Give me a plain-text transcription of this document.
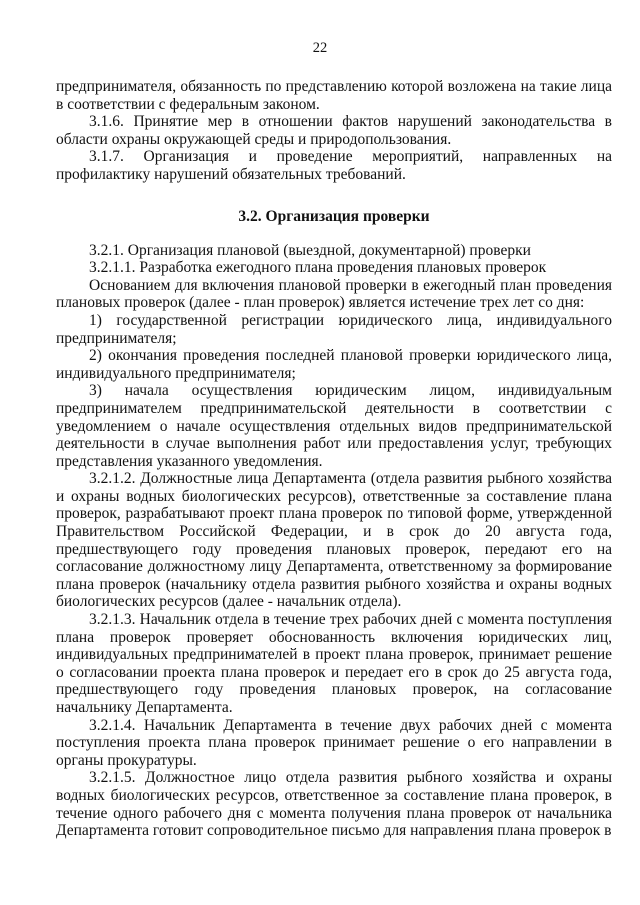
22

предпринимателя, обязанность по представлению которой возложена на такие лица в соответствии с федеральным законом.

3.1.6. Принятие мер в отношении фактов нарушений законодательства в области охраны окружающей среды и природопользования.

3.1.7. Организация и проведение мероприятий, направленных на профилактику нарушений обязательных требований.

3.2. Организация проверки

3.2.1. Организация плановой (выездной, документарной) проверки

3.2.1.1. Разработка ежегодного плана проведения плановых проверок

Основанием для включения плановой проверки в ежегодный план проведения плановых проверок (далее - план проверок) является истечение трех лет со дня:

1) государственной регистрации юридического лица, индивидуального предпринимателя;

2) окончания проведения последней плановой проверки юридического лица, индивидуального предпринимателя;

3) начала осуществления юридическим лицом, индивидуальным предпринимателем предпринимательской деятельности в соответствии с уведомлением о начале осуществления отдельных видов предпринимательской деятельности в случае выполнения работ или предоставления услуг, требующих представления указанного уведомления.

3.2.1.2. Должностные лица Департамента (отдела развития рыбного хозяйства и охраны водных биологических ресурсов), ответственные за составление плана проверок, разрабатывают проект плана проверок по типовой форме, утвержденной Правительством Российской Федерации, и в срок до 20 августа года, предшествующего году проведения плановых проверок, передают его на согласование должностному лицу Департамента, ответственному за формирование плана проверок (начальнику отдела развития рыбного хозяйства и охраны водных биологических ресурсов (далее - начальник отдела).

3.2.1.3. Начальник отдела в течение трех рабочих дней с момента поступления плана проверок проверяет обоснованность включения юридических лиц, индивидуальных предпринимателей в проект плана проверок, принимает решение о согласовании проекта плана проверок и передает его в срок до 25 августа года, предшествующего году проведения плановых проверок, на согласование начальнику Департамента.

3.2.1.4. Начальник Департамента в течение двух рабочих дней с момента поступления проекта плана проверок принимает решение о его направлении в органы прокуратуры.

3.2.1.5. Должностное лицо отдела развития рыбного хозяйства и охраны водных биологических ресурсов, ответственное за составление плана проверок, в течение одного рабочего дня с момента получения плана проверок от начальника Департамента готовит сопроводительное письмо для направления плана проверок в
